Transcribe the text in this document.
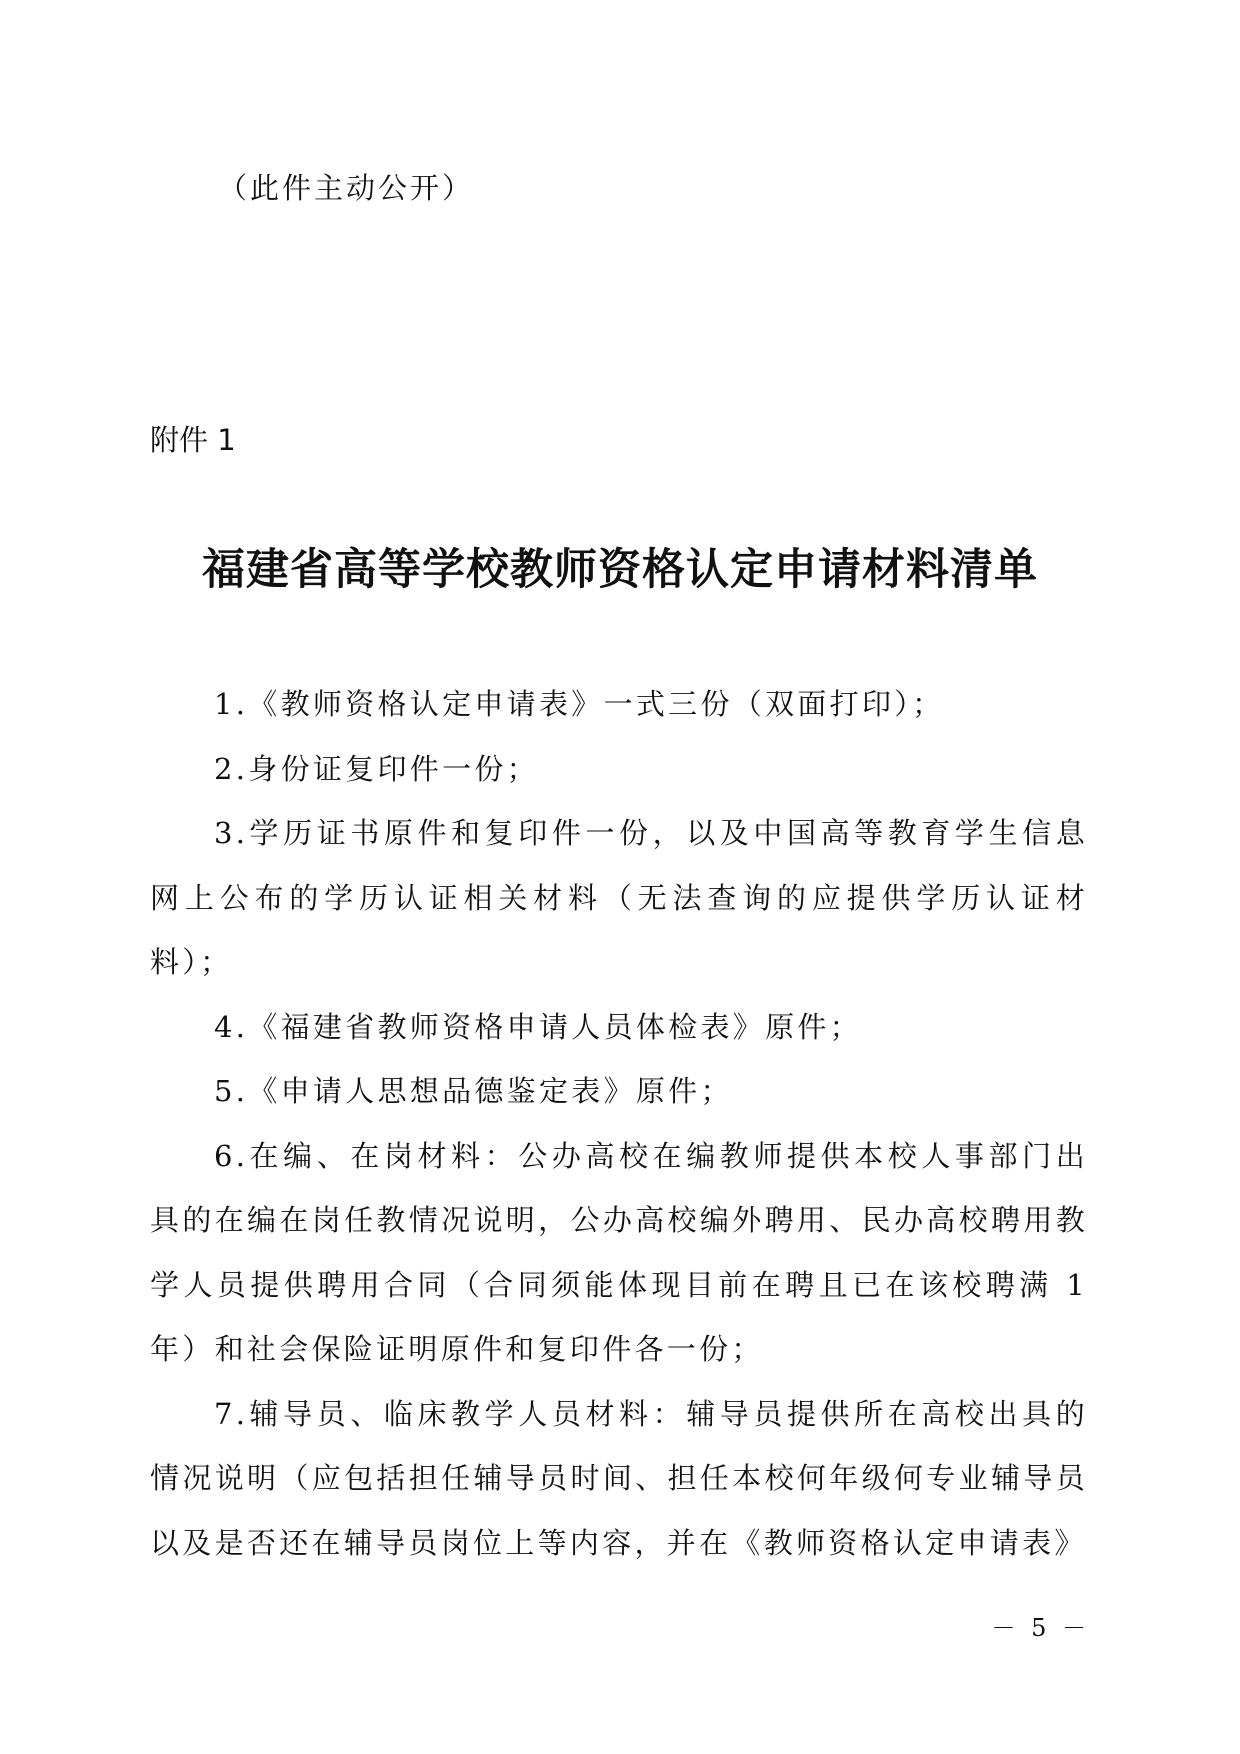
（此件主动公开）
附件 1
福建省高等学校教师资格认定申请材料清单

1.《教师资格认定申请表》一式三份（双面打印）；

2.身份证复印件一份；

3.学历证书原件和复印件一份，以及中国高等教育学生信息网上公布的学历认证相关材料（无法查询的应提供学历认证材料）；

4.《福建省教师资格申请人员体检表》原件；

5.《申请人思想品德鉴定表》原件；

6.在编、在岗材料：公办高校在编教师提供本校人事部门出具的在编在岗任教情况说明，公办高校编外聘用、民办高校聘用教学人员提供聘用合同（合同须能体现目前在聘且已在该校聘满 1 年）和社会保险证明原件和复印件各一份；

7.辅导员、临床教学人员材料：辅导员提供所在高校出具的情况说明（应包括担任辅导员时间、担任本校何年级何专业辅导员以及是否还在辅导员岗位上等内容，并在《教师资格认定申请表》

－ 5 －
